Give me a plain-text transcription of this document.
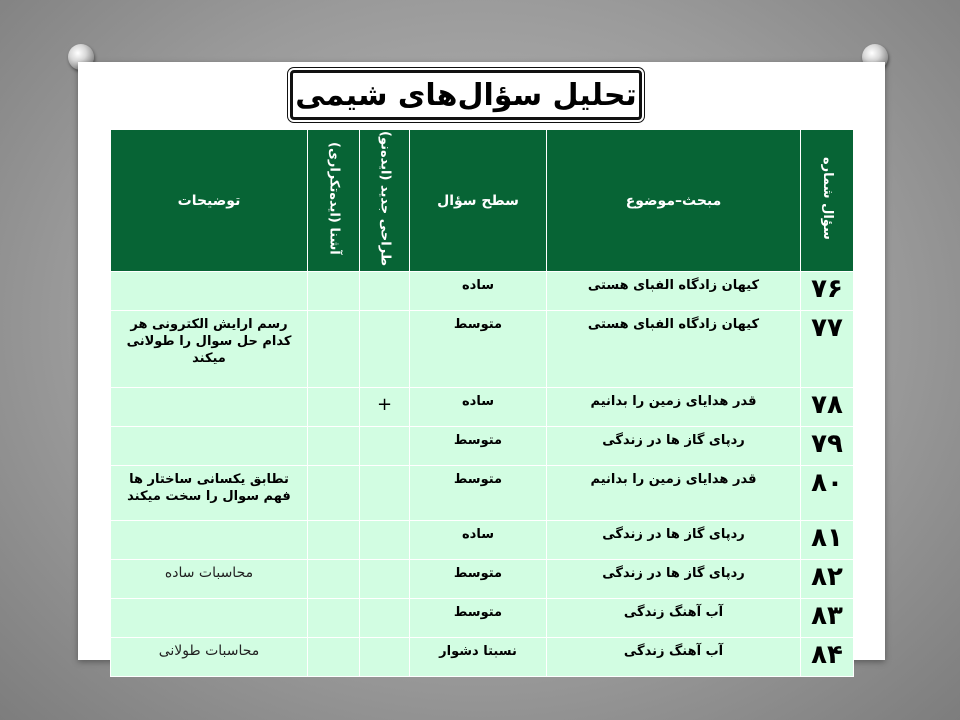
تحلیل سؤال‌های شیمی
سؤال شماره	مبحث–موضوع	سطح سؤال	طراحی جدید (ایده‌نو)	آشنا (ایده‌تکراری)	توضیحات
۷۶	کیهان زادگاه الفبای هستی	ساده			
۷۷	کیهان زادگاه الفبای هستی	متوسط			رسم ارایش الکترونی هر کدام حل سوال را طولانی میکند
۷۸	قدر هدایای زمین را بدانیم	ساده	+		
۷۹	ردپای گاز ها در زندگی	متوسط			
۸۰	قدر هدایای زمین را بدانیم	متوسط			تطابق یکسانی ساختار ها فهم سوال را سخت میکند
۸۱	ردپای گاز ها در زندگی	ساده			
۸۲	ردپای گاز ها در زندگی	متوسط			محاسبات ساده
۸۳	آب آهنگ زندگی	متوسط			
۸۴	آب آهنگ زندگی	نسبتا دشوار			محاسبات طولانی
